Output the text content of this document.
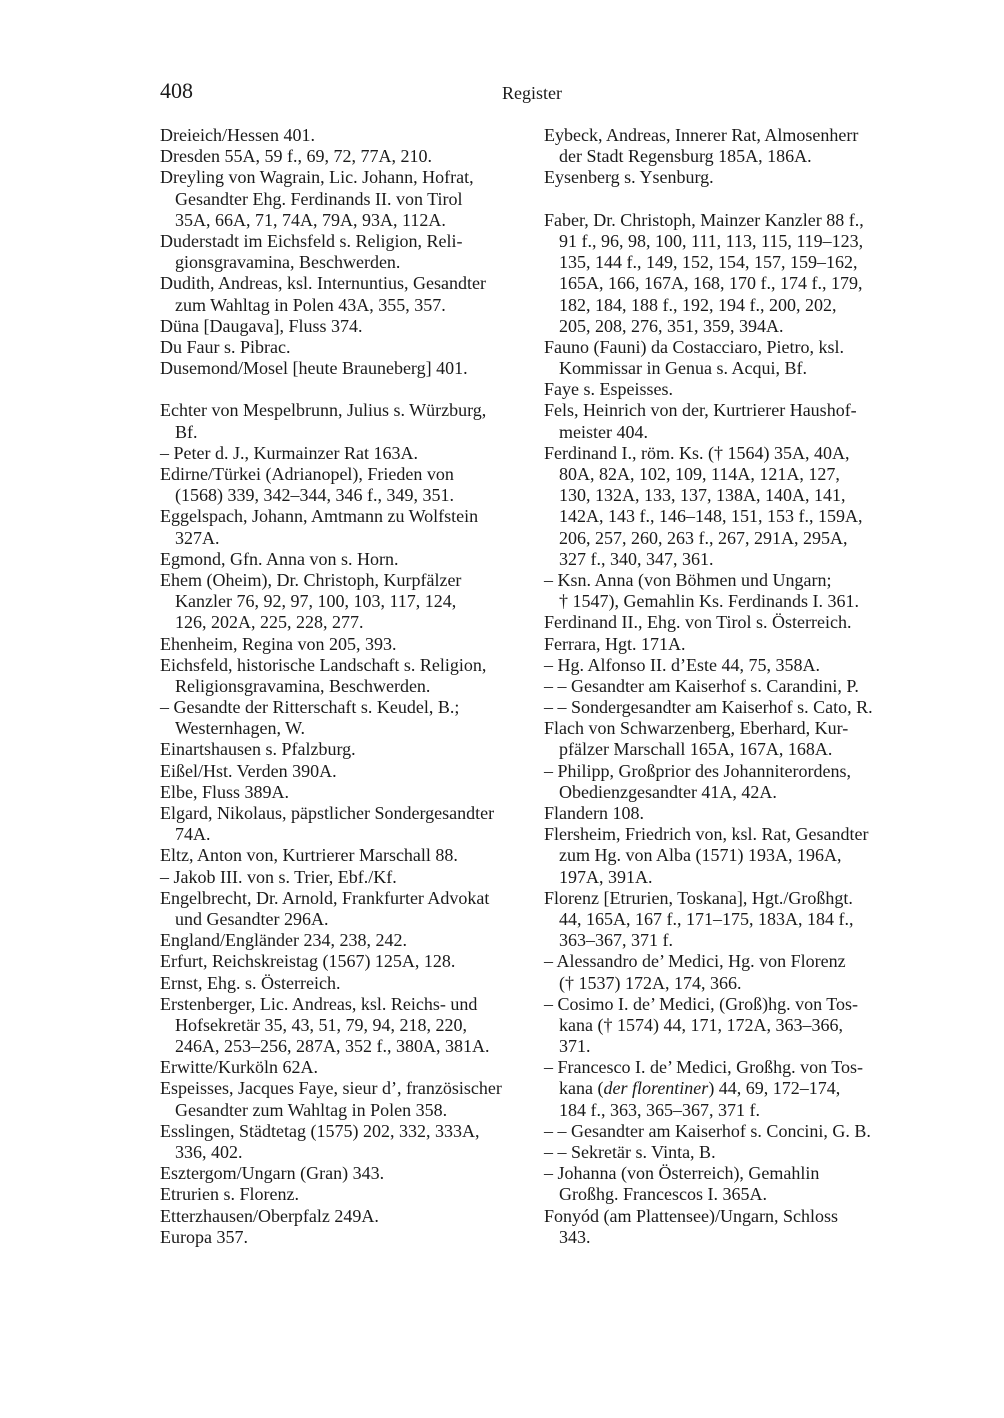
408	Register
Dreieich/Hessen 401.
Dresden 55A, 59 f., 69, 72, 77A, 210.
Dreyling von Wagrain, Lic. Johann, Hofrat,
Gesandter Ehg. Ferdinands II. von Tirol
35A, 66A, 71, 74A, 79A, 93A, 112A.
Duderstadt im Eichsfeld s. Religion, Reli-
gionsgravamina, Beschwerden.
Dudith, Andreas, ksl. Internuntius, Gesandter
zum Wahltag in Polen 43A, 355, 357.
Düna [Daugava], Fluss 374.
Du Faur s. Pibrac.
Dusemond/Mosel [heute Brauneberg] 401.
Echter von Mespelbrunn, Julius s. Würzburg,
Bf.
– Peter d. J., Kurmainzer Rat 163A.
Edirne/Türkei (Adrianopel), Frieden von
(1568) 339, 342–344, 346 f., 349, 351.
Eggelspach, Johann, Amtmann zu Wolfstein
327A.
Egmond, Gfn. Anna von s. Horn.
Ehem (Oheim), Dr. Christoph, Kurpfälzer
Kanzler 76, 92, 97, 100, 103, 117, 124,
126, 202A, 225, 228, 277.
Ehenheim, Regina von 205, 393.
Eichsfeld, historische Landschaft s. Religion,
Religionsgravamina, Beschwerden.
– Gesandte der Ritterschaft s. Keudel, B.;
Westernhagen, W.
Einartshausen s. Pfalzburg.
Eißel/Hst. Verden 390A.
Elbe, Fluss 389A.
Elgard, Nikolaus, päpstlicher Sondergesandter
74A.
Eltz, Anton von, Kurtrierer Marschall 88.
– Jakob III. von s. Trier, Ebf./Kf.
Engelbrecht, Dr. Arnold, Frankfurter Advokat
und Gesandter 296A.
England/Engländer 234, 238, 242.
Erfurt, Reichskreistag (1567) 125A, 128.
Ernst, Ehg. s. Österreich.
Erstenberger, Lic. Andreas, ksl. Reichs- und
Hofsekretär 35, 43, 51, 79, 94, 218, 220,
246A, 253–256, 287A, 352 f., 380A, 381A.
Erwitte/Kurköln 62A.
Espeisses, Jacques Faye, sieur d’, französischer
Gesandter zum Wahltag in Polen 358.
Esslingen, Städtetag (1575) 202, 332, 333A,
336, 402.
Esztergom/Ungarn (Gran) 343.
Etrurien s. Florenz.
Etterzhausen/Oberpfalz 249A.
Europa 357.
Eybeck, Andreas, Innerer Rat, Almosenherr
der Stadt Regensburg 185A, 186A.
Eysenberg s. Ysenburg.
Faber, Dr. Christoph, Mainzer Kanzler 88 f.,
91 f., 96, 98, 100, 111, 113, 115, 119–123,
135, 144 f., 149, 152, 154, 157, 159–162,
165A, 166, 167A, 168, 170 f., 174 f., 179,
182, 184, 188 f., 192, 194 f., 200, 202,
205, 208, 276, 351, 359, 394A.
Fauno (Fauni) da Costacciaro, Pietro, ksl.
Kommissar in Genua s. Acqui, Bf.
Faye s. Espeisses.
Fels, Heinrich von der, Kurtrierer Haushof-
meister 404.
Ferdinand I., röm. Ks. († 1564) 35A, 40A,
80A, 82A, 102, 109, 114A, 121A, 127,
130, 132A, 133, 137, 138A, 140A, 141,
142A, 143 f., 146–148, 151, 153 f., 159A,
206, 257, 260, 263 f., 267, 291A, 295A,
327 f., 340, 347, 361.
– Ksn. Anna (von Böhmen und Ungarn;
† 1547), Gemahlin Ks. Ferdinands I. 361.
Ferdinand II., Ehg. von Tirol s. Österreich.
Ferrara, Hgt. 171A.
– Hg. Alfonso II. d’Este 44, 75, 358A.
– – Gesandter am Kaiserhof s. Carandini, P.
– – Sondergesandter am Kaiserhof s. Cato, R.
Flach von Schwarzenberg, Eberhard, Kur-
pfälzer Marschall 165A, 167A, 168A.
– Philipp, Großprior des Johanniterordens,
Obedienzgesandter 41A, 42A.
Flandern 108.
Flersheim, Friedrich von, ksl. Rat, Gesandter
zum Hg. von Alba (1571) 193A, 196A,
197A, 391A.
Florenz [Etrurien, Toskana], Hgt./Großhgt.
44, 165A, 167 f., 171–175, 183A, 184 f.,
363–367, 371 f.
– Alessandro de’ Medici, Hg. von Florenz
(† 1537) 172A, 174, 366.
– Cosimo I. de’ Medici, (Groß)hg. von Tos-
kana († 1574) 44, 171, 172A, 363–366,
371.
– Francesco I. de’ Medici, Großhg. von Tos-
kana (der florentiner) 44, 69, 172–174,
184 f., 363, 365–367, 371 f.
– – Gesandter am Kaiserhof s. Concini, G. B.
– – Sekretär s. Vinta, B.
– Johanna (von Österreich), Gemahlin
Großhg. Francescos I. 365A.
Fonyód (am Plattensee)/Ungarn, Schloss
343.
